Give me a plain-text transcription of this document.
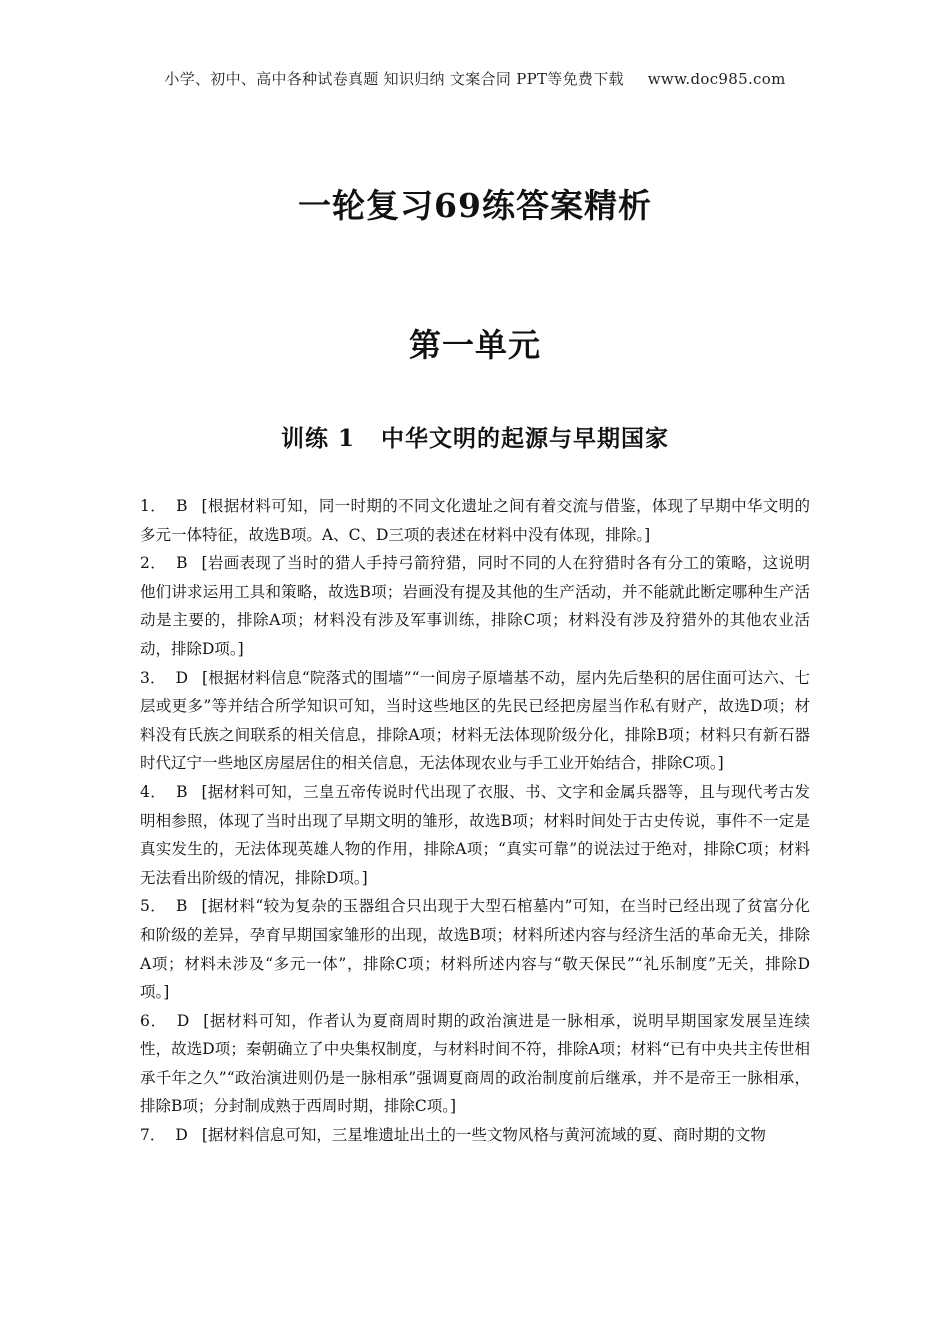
小学、初中、高中各种试卷真题 知识归纳 文案合同 PPT等免费下载 www.doc985.com
一轮复习69练答案精析
第一单元
训练 1 中华文明的起源与早期国家

1． B [根据材料可知，同一时期的不同文化遗址之间有着交流与借鉴，体现了早期中华文明的多元一体特征，故选B项。A、C、D三项的表述在材料中没有体现，排除。]

2． B [岩画表现了当时的猎人手持弓箭狩猎，同时不同的人在狩猎时各有分工的策略，这说明他们讲求运用工具和策略，故选B项；岩画没有提及其他的生产活动，并不能就此断定哪种生产活动是主要的，排除A项；材料没有涉及军事训练，排除C项；材料没有涉及狩猎外的其他农业活动，排除D项。]

3． D [根据材料信息“院落式的围墙”“一间房子原墙基不动，屋内先后垫积的居住面可达六、七层或更多”等并结合所学知识可知，当时这些地区的先民已经把房屋当作私有财产，故选D项；材料没有氏族之间联系的相关信息，排除A项；材料无法体现阶级分化，排除B项；材料只有新石器时代辽宁一些地区房屋居住的相关信息，无法体现农业与手工业开始结合，排除C项。]

4． B [据材料可知，三皇五帝传说时代出现了衣服、书、文字和金属兵器等，且与现代考古发明相参照，体现了当时出现了早期文明的雏形，故选B项；材料时间处于古史传说，事件不一定是真实发生的，无法体现英雄人物的作用，排除A项；“真实可靠”的说法过于绝对，排除C项；材料无法看出阶级的情况，排除D项。]

5． B [据材料“较为复杂的玉器组合只出现于大型石棺墓内”可知，在当时已经出现了贫富分化和阶级的差异，孕育早期国家雏形的出现，故选B项；材料所述内容与经济生活的革命无关，排除A项；材料未涉及“多元一体”，排除C项；材料所述内容与“敬天保民”“礼乐制度”无关，排除D项。]

6． D [据材料可知，作者认为夏商周时期的政治演进是一脉相承，说明早期国家发展呈连续性，故选D项；秦朝确立了中央集权制度，与材料时间不符，排除A项；材料“已有中央共主传世相承千年之久”“政治演进则仍是一脉相承”强调夏商周的政治制度前后继承，并不是帝王一脉相承，排除B项；分封制成熟于西周时期，排除C项。]

7． D [据材料信息可知，三星堆遗址出土的一些文物风格与黄河流域的夏、商时期的文物
